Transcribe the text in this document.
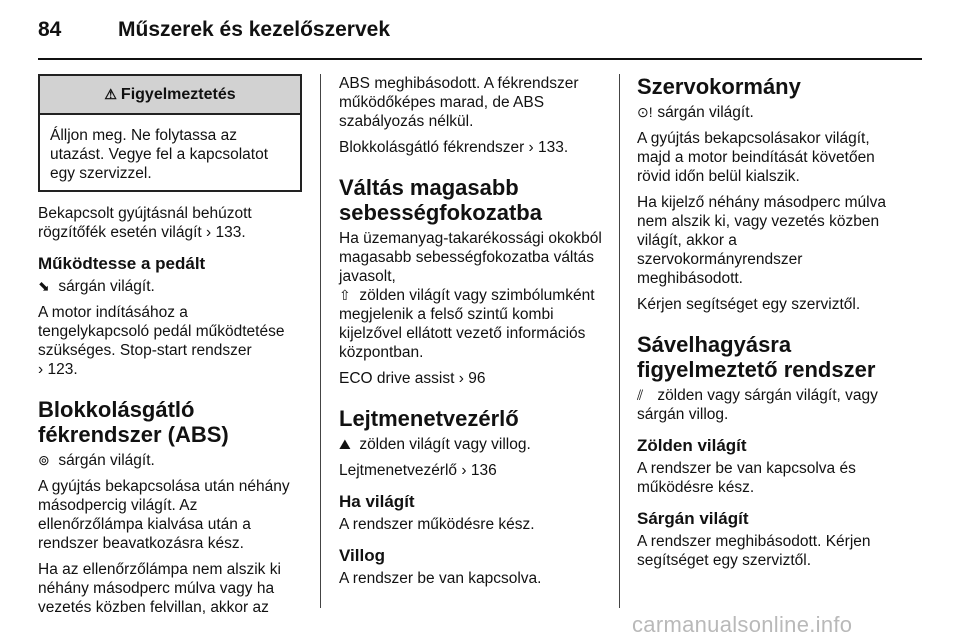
84	Műszerek és kezelőszervek
⚠ Figyelmeztetés
Álljon meg. Ne folytassa az utazást. Vegye fel a kapcsolatot egy szervizzel.

Bekapcsolt gyújtásnál behúzott rögzítőfék esetén világít › 133.

Működtesse a pedált

⬊ sárgán világít.

A motor indításához a tengelykapcsoló pedál működtetése szükséges. Stop-start rendszer
› 123.

Blokkolásgátló fékrendszer (ABS)

⊚ sárgán világít.

A gyújtás bekapcsolása után néhány másodpercig világít. Az ellenőrzőlámpa kialvása után a rendszer beavatkozásra kész.

Ha az ellenőrzőlámpa nem alszik ki néhány másodperc múlva vagy ha vezetés közben felvillan, akkor az

ABS meghibásodott. A fékrendszer működőképes marad, de ABS szabályozás nélkül.

Blokkolásgátló fékrendszer › 133.

Váltás magasabb sebességfokozatba

Ha üzemanyag-takarékossági okokból magasabb sebességfokozatba váltás javasolt,
⇧ zölden világít vagy szimbólumként megjelenik a felső szintű kombi kijelzővel ellátott vezető információs központban.

ECO drive assist › 96

Lejtmenetvezérlő

⛰ zölden világít vagy villog.

Lejtmenetvezérlő › 136

Ha világít

A rendszer működésre kész.

Villog

A rendszer be van kapcsolva.

Szervokormány

⊙! sárgán világít.

A gyújtás bekapcsolásakor világít, majd a motor beindítását követően rövid időn belül kialszik.

Ha kijelző néhány másodperc múlva nem alszik ki, vagy vezetés közben világít, akkor a szervokormányrendszer meghibásodott.

Kérjen segítséget egy szerviztől.

Sávelhagyásra figyelmeztető rendszer

⫽ zölden vagy sárgán világít, vagy sárgán villog.

Zölden világít

A rendszer be van kapcsolva és működésre kész.

Sárgán világít

A rendszer meghibásodott. Kérjen segítséget egy szerviztől.

carmanualsonline.info
